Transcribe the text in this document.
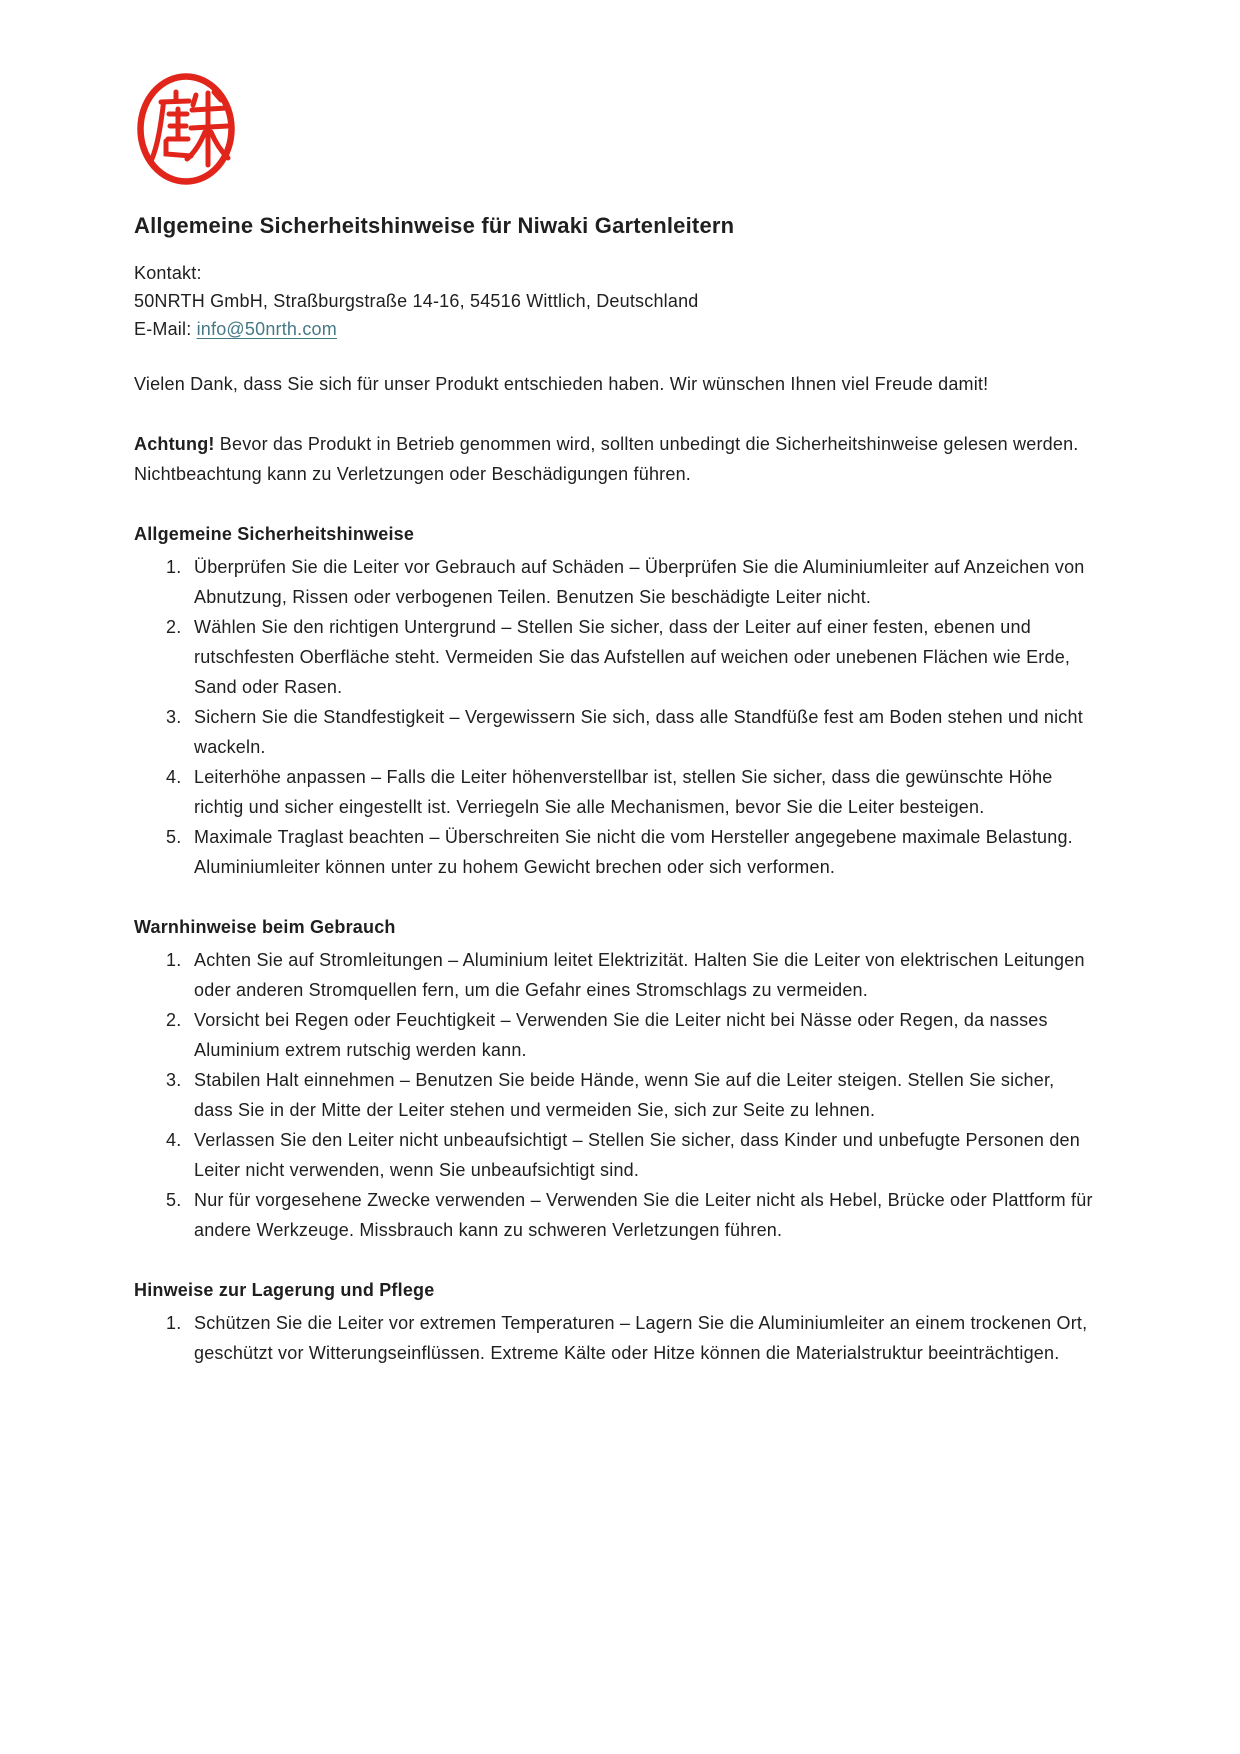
Allgemeine Sicherheitshinweise für Niwaki Gartenleitern
Kontakt:
50NRTH GmbH, Straßburgstraße 14-16, 54516 Wittlich, Deutschland
E-Mail: info@50nrth.com

Vielen Dank, dass Sie sich für unser Produkt entschieden haben. Wir wünschen Ihnen viel Freude damit!

Achtung! Bevor das Produkt in Betrieb genommen wird, sollten unbedingt die Sicherheitshinweise gelesen werden. Nichtbeachtung kann zu Verletzungen oder Beschädigungen führen.

Allgemeine Sicherheitshinweise
1. Überprüfen Sie die Leiter vor Gebrauch auf Schäden – Überprüfen Sie die Aluminiumleiter auf Anzeichen von Abnutzung, Rissen oder verbogenen Teilen. Benutzen Sie beschädigte Leiter nicht.
2. Wählen Sie den richtigen Untergrund – Stellen Sie sicher, dass der Leiter auf einer festen, ebenen und rutschfesten Oberfläche steht. Vermeiden Sie das Aufstellen auf weichen oder unebenen Flächen wie Erde, Sand oder Rasen.
3. Sichern Sie die Standfestigkeit – Vergewissern Sie sich, dass alle Standfüße fest am Boden stehen und nicht wackeln.
4. Leiterhöhe anpassen – Falls die Leiter höhenverstellbar ist, stellen Sie sicher, dass die gewünschte Höhe richtig und sicher eingestellt ist. Verriegeln Sie alle Mechanismen, bevor Sie die Leiter besteigen.
5. Maximale Traglast beachten – Überschreiten Sie nicht die vom Hersteller angegebene maximale Belastung. Aluminiumleiter können unter zu hohem Gewicht brechen oder sich verformen.
Warnhinweise beim Gebrauch
1. Achten Sie auf Stromleitungen – Aluminium leitet Elektrizität. Halten Sie die Leiter von elektrischen Leitungen oder anderen Stromquellen fern, um die Gefahr eines Stromschlags zu vermeiden.
2. Vorsicht bei Regen oder Feuchtigkeit – Verwenden Sie die Leiter nicht bei Nässe oder Regen, da nasses Aluminium extrem rutschig werden kann.
3. Stabilen Halt einnehmen – Benutzen Sie beide Hände, wenn Sie auf die Leiter steigen. Stellen Sie sicher, dass Sie in der Mitte der Leiter stehen und vermeiden Sie, sich zur Seite zu lehnen.
4. Verlassen Sie den Leiter nicht unbeaufsichtigt – Stellen Sie sicher, dass Kinder und unbefugte Personen den Leiter nicht verwenden, wenn Sie unbeaufsichtigt sind.
5. Nur für vorgesehene Zwecke verwenden – Verwenden Sie die Leiter nicht als Hebel, Brücke oder Plattform für andere Werkzeuge. Missbrauch kann zu schweren Verletzungen führen.
Hinweise zur Lagerung und Pflege
1. Schützen Sie die Leiter vor extremen Temperaturen – Lagern Sie die Aluminiumleiter an einem trockenen Ort, geschützt vor Witterungseinflüssen. Extreme Kälte oder Hitze können die Materialstruktur beeinträchtigen.
